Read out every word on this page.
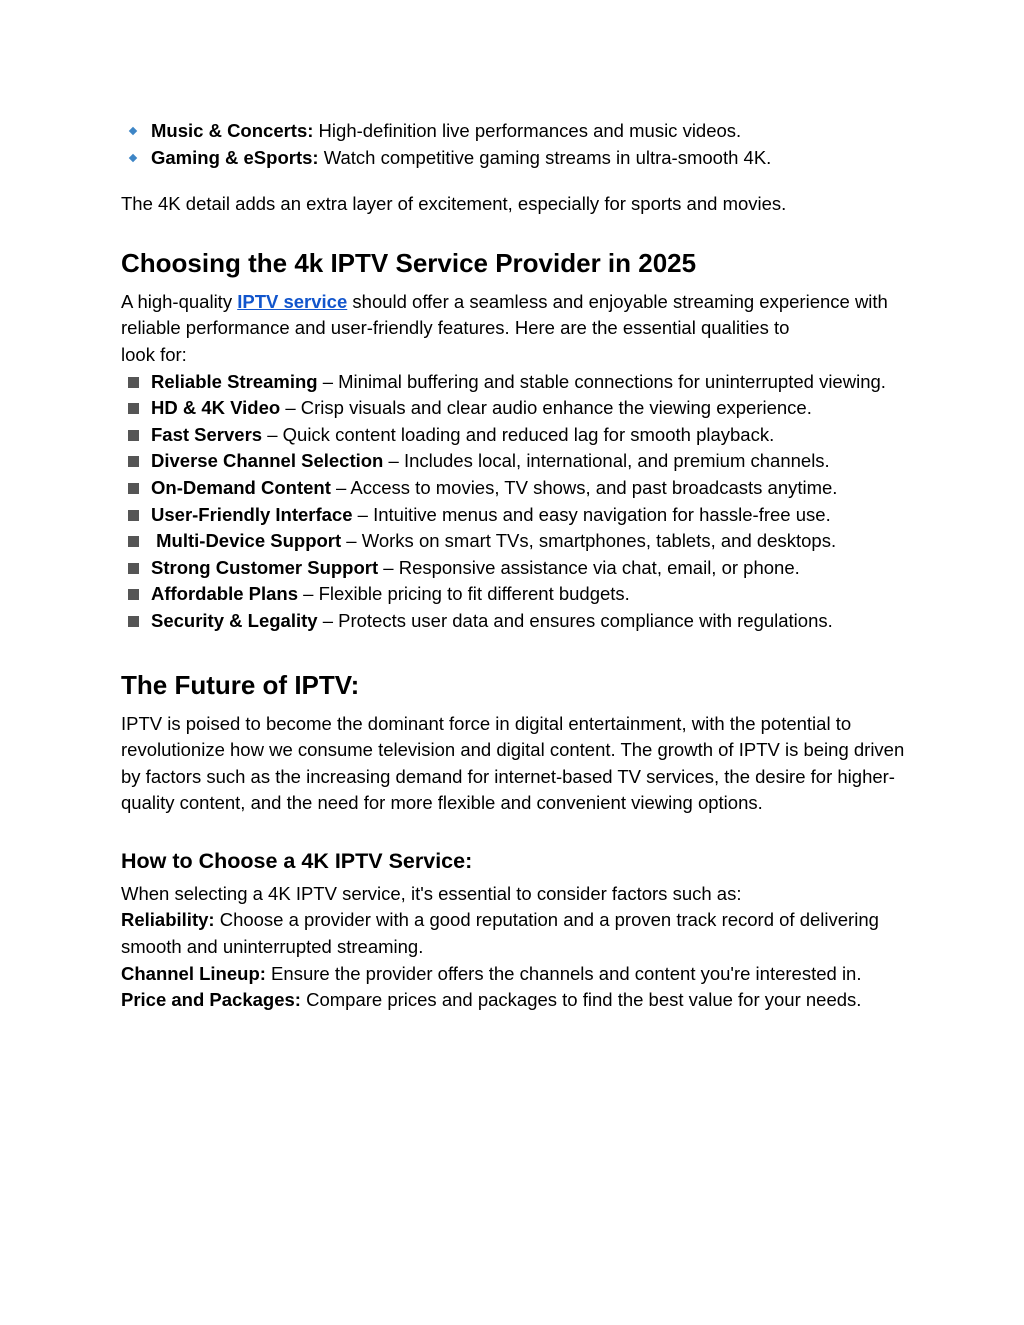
Music & Concerts: High-definition live performances and music videos.
Gaming & eSports: Watch competitive gaming streams in ultra-smooth 4K.

The 4K detail adds an extra layer of excitement, especially for sports and movies.

Choosing the 4k IPTV Service Provider in 2025

A high-quality IPTV service should offer a seamless and enjoyable streaming experience with reliable performance and user-friendly features. Here are the essential qualities to

look for:

Reliable Streaming – Minimal buffering and stable connections for uninterrupted viewing.
HD & 4K Video – Crisp visuals and clear audio enhance the viewing experience.
Fast Servers – Quick content loading and reduced lag for smooth playback.
Diverse Channel Selection – Includes local, international, and premium channels.
On-Demand Content – Access to movies, TV shows, and past broadcasts anytime.
User-Friendly Interface – Intuitive menus and easy navigation for hassle-free use.
Multi-Device Support – Works on smart TVs, smartphones, tablets, and desktops.
Strong Customer Support – Responsive assistance via chat, email, or phone.
Affordable Plans – Flexible pricing to fit different budgets.
Security & Legality – Protects user data and ensures compliance with regulations.
The Future of IPTV:

IPTV is poised to become the dominant force in digital entertainment, with the potential to revolutionize how we consume television and digital content. The growth of IPTV is being driven by factors such as the increasing demand for internet-based TV services, the desire for higher-quality content, and the need for more flexible and convenient viewing options.

How to Choose a 4K IPTV Service:

When selecting a 4K IPTV service, it's essential to consider factors such as:

Reliability: Choose a provider with a good reputation and a proven track record of delivering smooth and uninterrupted streaming.

Channel Lineup: Ensure the provider offers the channels and content you're interested in.

Price and Packages: Compare prices and packages to find the best value for your needs.
